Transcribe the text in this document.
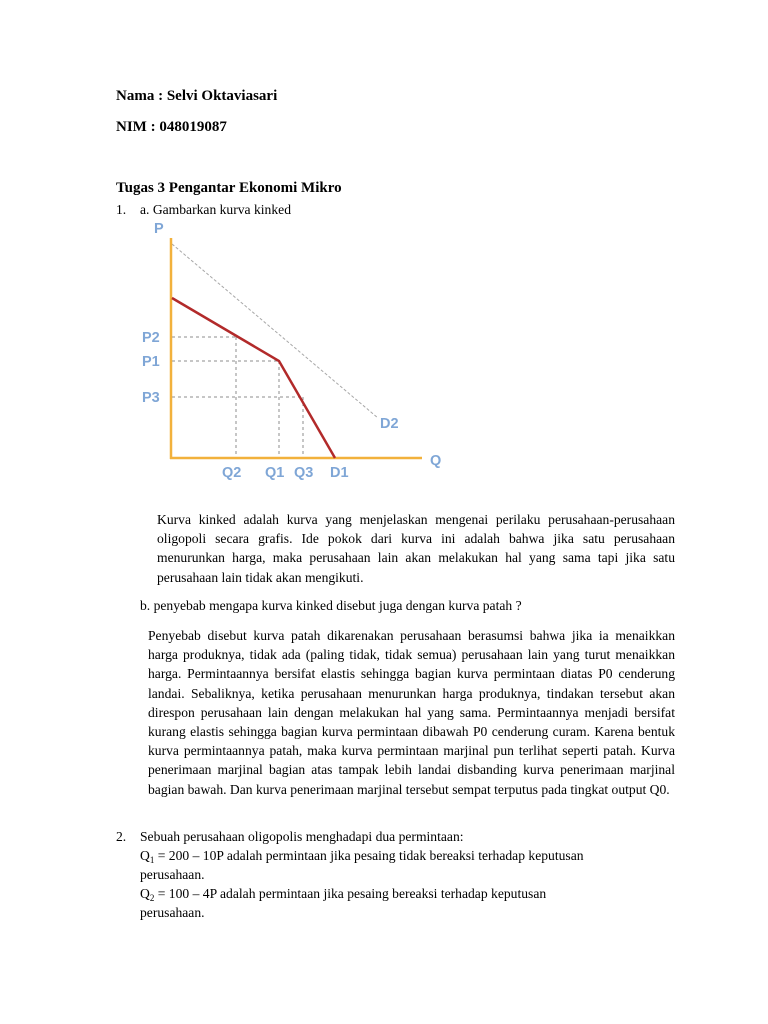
Nama : Selvi Oktaviasari

NIM : 048019087

Tugas 3 Pengantar Ekonomi Mikro

1. a. Gambarkan kurva kinked
P
Q
P2
P1
P3
Q2 Q1 Q3 D1
D2

Kurva kinked adalah kurva yang menjelaskan mengenai perilaku perusahaan-perusahaan oligopoli secara grafis. Ide pokok dari kurva ini adalah bahwa jika satu perusahaan menurunkan harga, maka perusahaan lain akan melakukan hal yang sama tapi jika satu perusahaan lain tidak akan mengikuti.

b. penyebab mengapa kurva kinked disebut juga dengan kurva patah ?

Penyebab disebut kurva patah dikarenakan perusahaan berasumsi bahwa jika ia menaikkan harga produknya, tidak ada (paling tidak, tidak semua) perusahaan lain yang turut menaikkan harga. Permintaannya bersifat elastis sehingga bagian kurva permintaan diatas P0 cenderung landai. Sebaliknya, ketika perusahaan menurunkan harga produknya, tindakan tersebut akan direspon perusahaan lain dengan melakukan hal yang sama. Permintaannya menjadi bersifat kurang elastis sehingga bagian kurva permintaan dibawah P0 cenderung curam. Karena bentuk kurva permintaannya patah, maka kurva permintaan marjinal pun terlihat seperti patah. Kurva penerimaan marjinal bagian atas tampak lebih landai disbanding kurva penerimaan marjinal bagian bawah. Dan kurva penerimaan marjinal tersebut sempat terputus pada tingkat output Q0.

2. Sebuah perusahaan oligopolis menghadapi dua permintaan:

$Q_1 = 200 - 10P$ adalah permintaan jika pesaing tidak bereaksi terhadap keputusan

perusahaan.

$Q_2 = 100 - 4P$ adalah permintaan jika pesaing bereaksi terhadap keputusan

perusahaan.
